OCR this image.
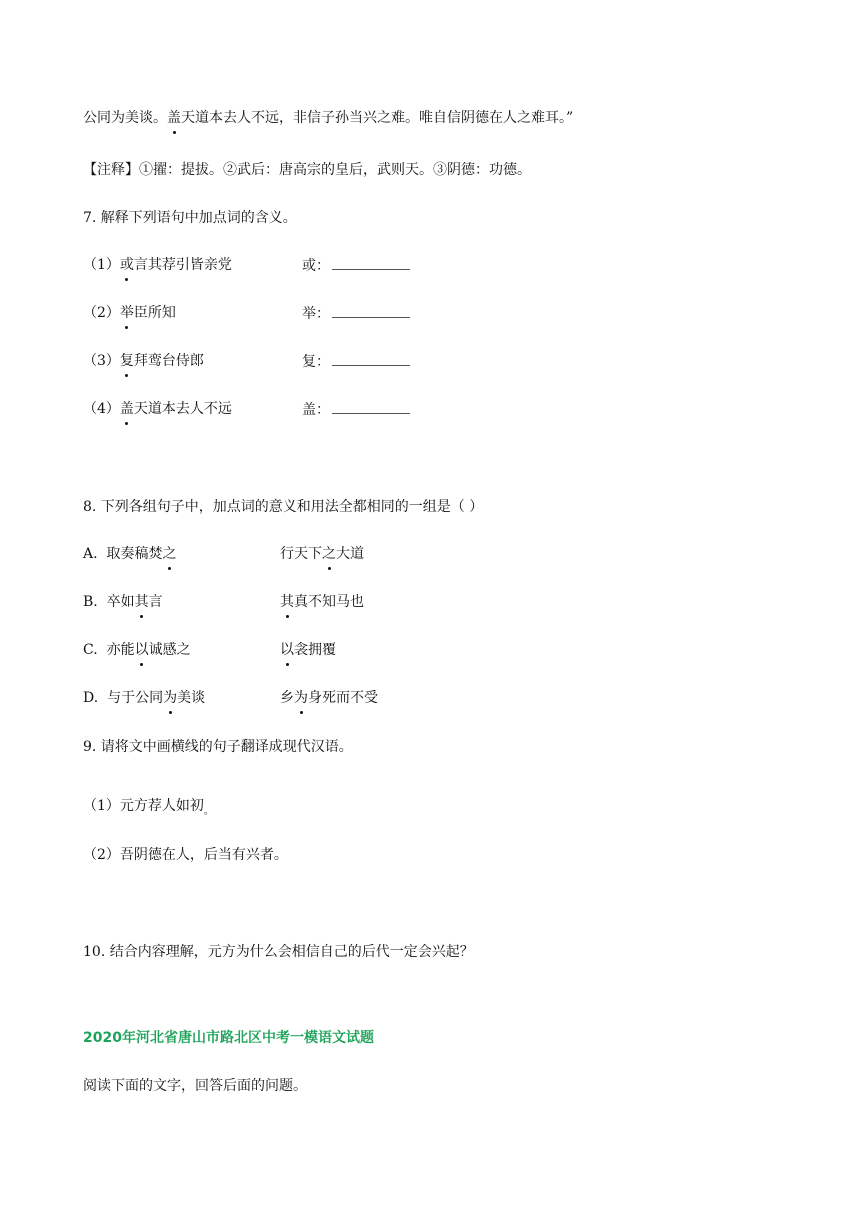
公同为美谈。盖天道本去人不远，非信子孙当兴之难。唯自信阴德在人之难耳。”
【注释】①擢：提拔。②武后：唐高宗的皇后，武则天。③阴德：功德。
7. 解释下列语句中加点词的含义。
（1）或言其荐引皆亲党	或：
（2）举臣所知	举：
（3）复拜鸾台侍郎	复：
（4）盖天道本去人不远	盖：
8. 下列各组句子中，加点词的意义和用法全都相同的一组是（ ）
A. 取奏稿焚之	行天下之大道
B. 卒如其言	其真不知马也
C. 亦能以诚感之	以衾拥覆
D. 与于公同为美谈	乡为身死而不受
9. 请将文中画横线的句子翻译成现代汉语。
（1）元方荐人如初$_。$
（2）吾阴德在人，后当有兴者。
10. 结合内容理解，元方为什么会相信自己的后代一定会兴起？
2020年河北省唐山市路北区中考一模语文试题
阅读下面的文字，回答后面的问题。
